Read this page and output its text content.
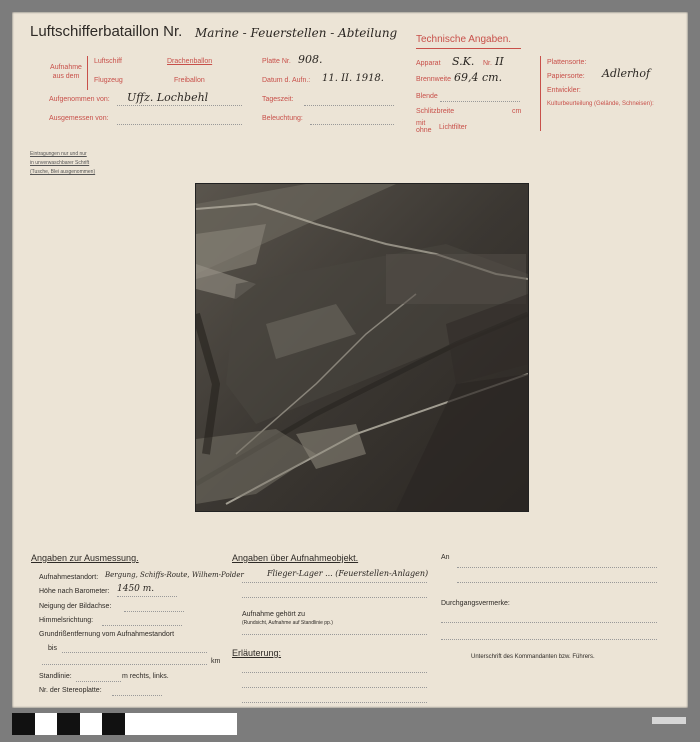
Luftschifferbataillon Nr. Marine - Feuerstellen - Abteilung Technische Angaben.
Aufnahme aus dem
Luftschiff	Drachenballon
Flugzeug	Freiballon
Aufgenommen von: Uffz. Lochbehl
Ausgemessen von:
Platte Nr. 908.
Datum d. Aufn.: 11. II. 1918.
Tageszeit:
Beleuchtung:
Apparat S.K. Nr. II
Brennweite 69,4 cm.
Blende
Schlitzbreite	cm
mit
ohne Lichtfilter
Plattensorte:
Papiersorte: Adlerhof
Entwickler:
Kulturbeurteilung (Gelände, Schneisen):
Eintragungen nur und nur
in unverwaschbarer Schrift
(Tusche, Blei ausgenommen)
Angaben zur Ausmessung.
Aufnahmestandort: Bergung, Schiffs-Route, Wilhem-Polder
Höhe nach Barometer: 1450 m.
Neigung der Bildachse:
Himmelsrichtung:
Grundrißentfernung vom Aufnahmestandort
bis
km
Standlinie:	m rechts, links.
Nr. der Stereoplatte:
Angaben über Aufnahmeobjekt.
Flieger-Lager ... (Feuerstellen-Anlagen)
Aufnahme gehört zu
(Rundsicht, Aufnahme auf Standlinie pp.)
Erläuterung:
An
Durchgangsvermerke:
Unterschrift des Kommandanten bzw. Führers.
